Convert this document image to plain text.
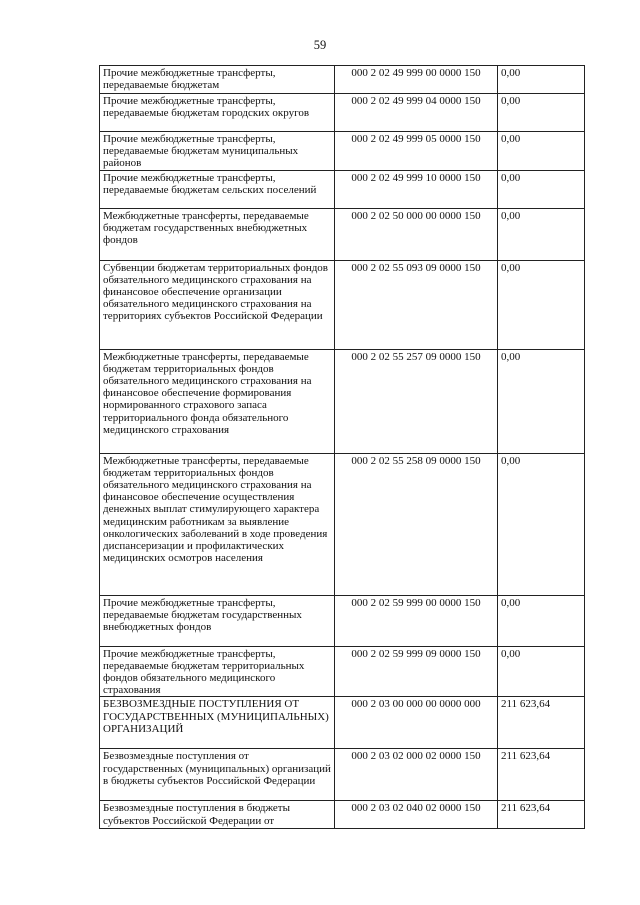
59
Прочие межбюджетные трансферты, передаваемые бюджетам	000 2 02 49 999 00 0000 150	0,00
Прочие межбюджетные трансферты, передаваемые бюджетам городских округов	000 2 02 49 999 04 0000 150	0,00
Прочие межбюджетные трансферты, передаваемые бюджетам муниципальных районов	000 2 02 49 999 05 0000 150	0,00
Прочие межбюджетные трансферты, передаваемые бюджетам сельских поселений	000 2 02 49 999 10 0000 150	0,00
Межбюджетные трансферты, передаваемые бюджетам государственных внебюджетных фондов	000 2 02 50 000 00 0000 150	0,00
Субвенции бюджетам территориальных фондов обязательного медицинского страхования на финансовое обеспечение организации обязательного медицинского страхования на территориях субъектов Российской Федерации	000 2 02 55 093 09 0000 150	0,00
Межбюджетные трансферты, передаваемые бюджетам территориальных фондов обязательного медицинского страхования на финансовое обеспечение формирования нормированного страхового запаса территориального фонда обязательного медицинского страхования	000 2 02 55 257 09 0000 150	0,00
Межбюджетные трансферты, передаваемые бюджетам территориальных фондов обязательного медицинского страхования на финансовое обеспечение осуществления денежных выплат стимулирующего характера медицинским работникам за выявление онкологических заболеваний в ходе проведения диспансеризации и профилактических медицинских осмотров населения	000 2 02 55 258 09 0000 150	0,00
Прочие межбюджетные трансферты, передаваемые бюджетам государственных внебюджетных фондов	000 2 02 59 999 00 0000 150	0,00
Прочие межбюджетные трансферты, передаваемые бюджетам территориальных фондов обязательного медицинского страхования	000 2 02 59 999 09 0000 150	0,00
БЕЗВОЗМЕЗДНЫЕ ПОСТУПЛЕНИЯ ОТ ГОСУДАРСТВЕННЫХ (МУНИЦИПАЛЬНЫХ) ОРГАНИЗАЦИЙ	000 2 03 00 000 00 0000 000	211 623,64
Безвозмездные поступления от государственных (муниципальных) организаций в бюджеты субъектов Российской Федерации	000 2 03 02 000 02 0000 150	211 623,64
Безвозмездные поступления в бюджеты субъектов Российской Федерации от	000 2 03 02 040 02 0000 150	211 623,64
